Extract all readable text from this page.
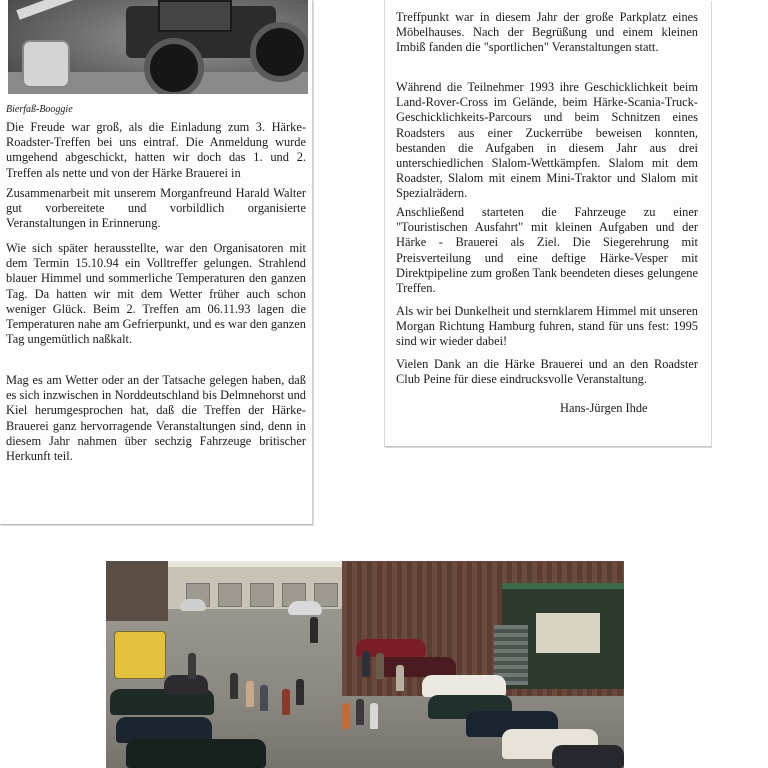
Bierfaß-Booggie

Die Freude war groß, als die Einladung zum 3. Härke-Roadster-Treffen bei uns eintraf. Die Anmeldung wurde umgehend abgeschickt, hatten wir doch das 1. und 2. Treffen als nette und von der Härke Brauerei in

Zusammenarbeit mit unserem Morganfreund Harald Walter gut vorbereitete und vorbildlich organisierte Veranstaltungen in Erinnerung.

Wie sich später herausstellte, war den Organisatoren mit dem Termin 15.10.94 ein Volltreffer gelungen. Strahlend blauer Himmel und sommerliche Temperaturen den ganzen Tag. Da hatten wir mit dem Wetter früher auch schon weniger Glück. Beim 2. Treffen am 06.11.93 lagen die Temperaturen nahe am Gefrierpunkt, und es war den ganzen Tag ungemütlich naßkalt.

Mag es am Wetter oder an der Tatsache gelegen haben, daß es sich inzwischen in Norddeutschland bis Delmnehorst und Kiel herumgesprochen hat, daß die Treffen der Härke-Brauerei ganz hervorragende Veranstaltungen sind, denn in diesem Jahr nahmen über sechzig Fahrzeuge britischer Herkunft teil.

Treffpunkt war in diesem Jahr der große Parkplatz eines Möbelhauses. Nach der Begrüßung und einem kleinen Imbiß fanden die "sportlichen" Veranstaltungen statt.

Während die Teilnehmer 1993 ihre Geschicklichkeit beim Land-Rover-Cross im Gelände, beim Härke-Scania-Truck-Geschicklichkeits-Parcours und beim Schnitzen eines Roadsters aus einer Zuckerrübe beweisen konnten, bestanden die Aufgaben in diesem Jahr aus drei unterschiedlichen Slalom-Wettkämpfen. Slalom mit dem Roadster, Slalom mit einem Mini-Traktor und Slalom mit Spezialrädern.

Anschließend starteten die Fahrzeuge zu einer "Touristischen Ausfahrt" mit kleinen Aufgaben und der Härke - Brauerei als Ziel. Die Siegerehrung mit Preisverteilung und eine deftige Härke-Vesper mit Direktpipeline zum großen Tank beendeten dieses gelungene Treffen.

Als wir bei Dunkelheit und sternklarem Himmel mit unseren Morgan Richtung Hamburg fuhren, stand für uns fest: 1995 sind wir wieder dabei!

Vielen Dank an die Härke Brauerei und an den Roadster Club Peine für diese eindrucksvolle Veranstaltung.

Hans-Jürgen Ihde
